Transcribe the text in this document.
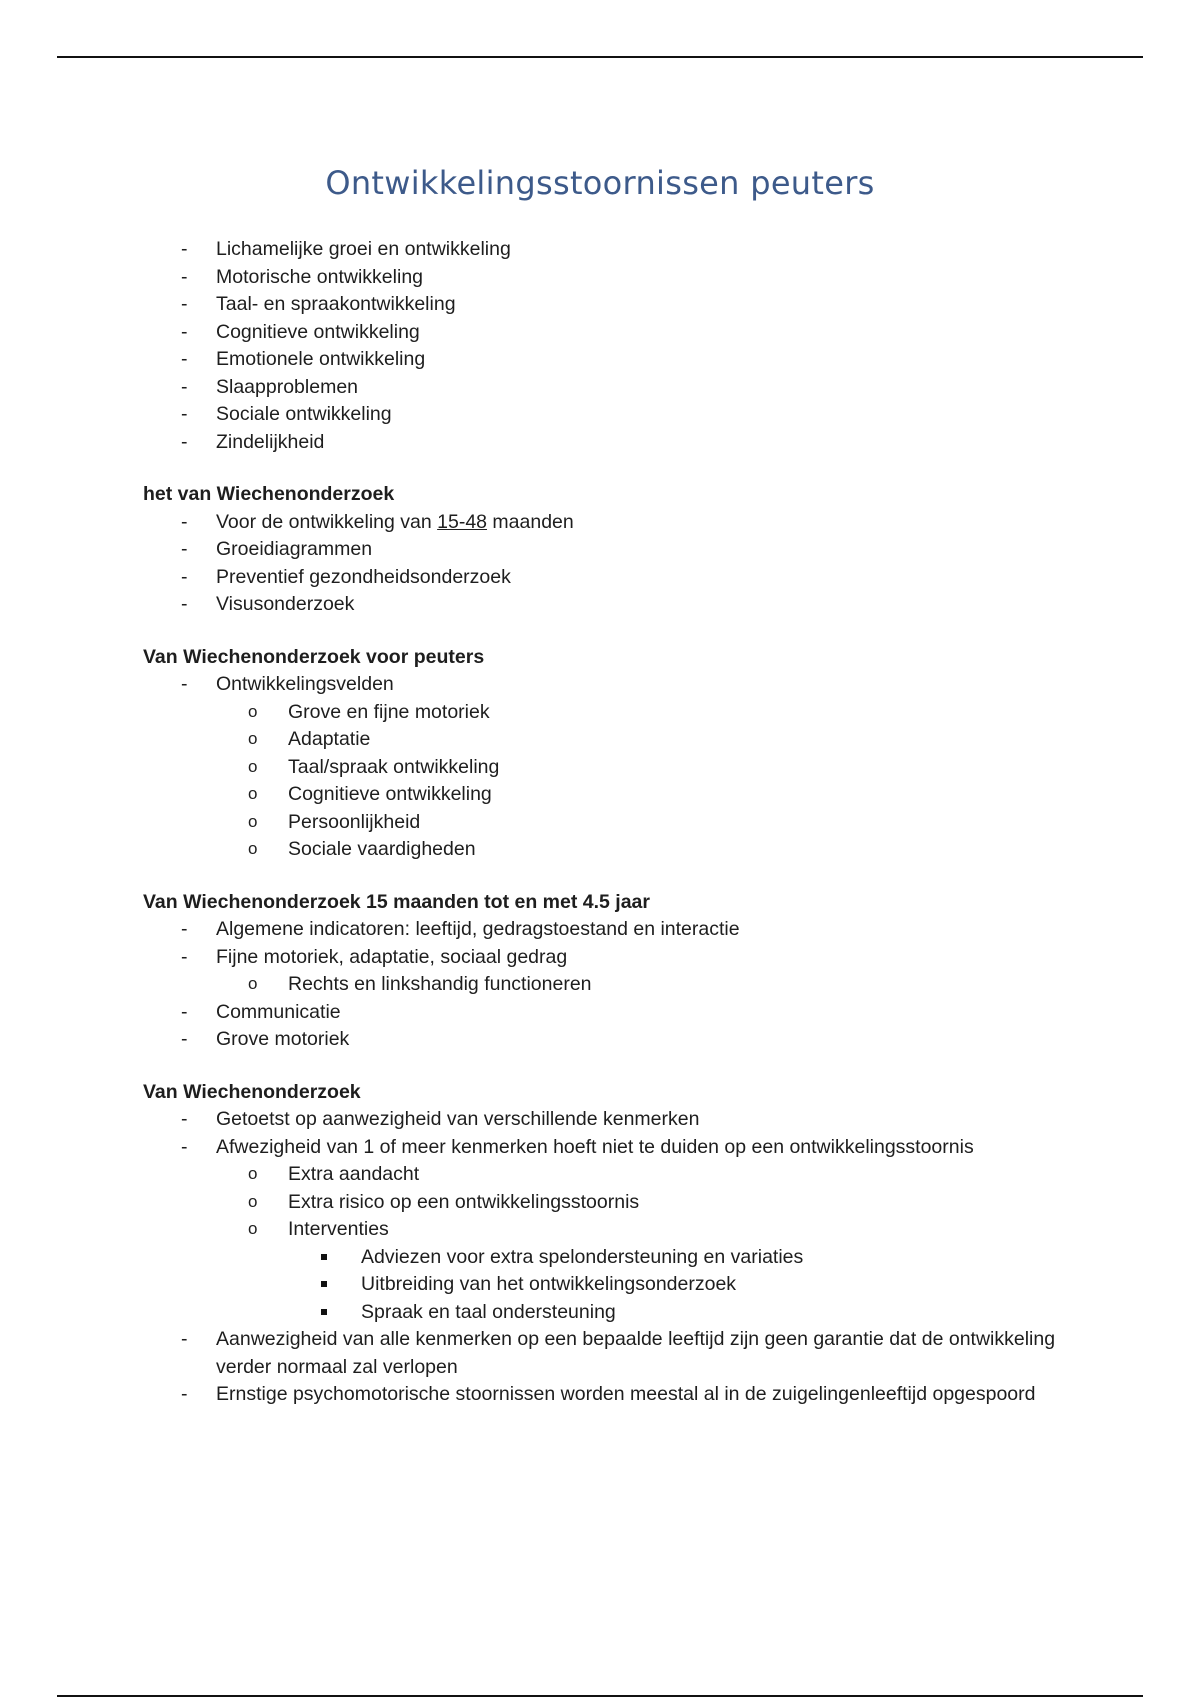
Ontwikkelingsstoornissen peuters
- Lichamelijke groei en ontwikkeling
- Motorische ontwikkeling
- Taal- en spraakontwikkeling
- Cognitieve ontwikkeling
- Emotionele ontwikkeling
- Slaapproblemen
- Sociale ontwikkeling
- Zindelijkheid
het van Wiechenonderzoek
- Voor de ontwikkeling van 15-48 maanden
- Groeidiagrammen
- Preventief gezondheidsonderzoek
- Visusonderzoek
Van Wiechenonderzoek voor peuters
- Ontwikkelingsvelden
o Grove en fijne motoriek
o Adaptatie
o Taal/spraak ontwikkeling
o Cognitieve ontwikkeling
o Persoonlijkheid
o Sociale vaardigheden
Van Wiechenonderzoek 15 maanden tot en met 4.5 jaar
- Algemene indicatoren: leeftijd, gedragstoestand en interactie
- Fijne motoriek, adaptatie, sociaal gedrag
o Rechts en linkshandig functioneren
- Communicatie
- Grove motoriek
Van Wiechenonderzoek
- Getoetst op aanwezigheid van verschillende kenmerken
- Afwezigheid van 1 of meer kenmerken hoeft niet te duiden op een ontwikkelingsstoornis
o Extra aandacht
o Extra risico op een ontwikkelingsstoornis
o Interventies
Adviezen voor extra spelondersteuning en variaties
Uitbreiding van het ontwikkelingsonderzoek
Spraak en taal ondersteuning
- Aanwezigheid van alle kenmerken op een bepaalde leeftijd zijn geen garantie dat de ontwikkeling verder normaal zal verlopen
- Ernstige psychomotorische stoornissen worden meestal al in de zuigelingenleeftijd opgespoord
